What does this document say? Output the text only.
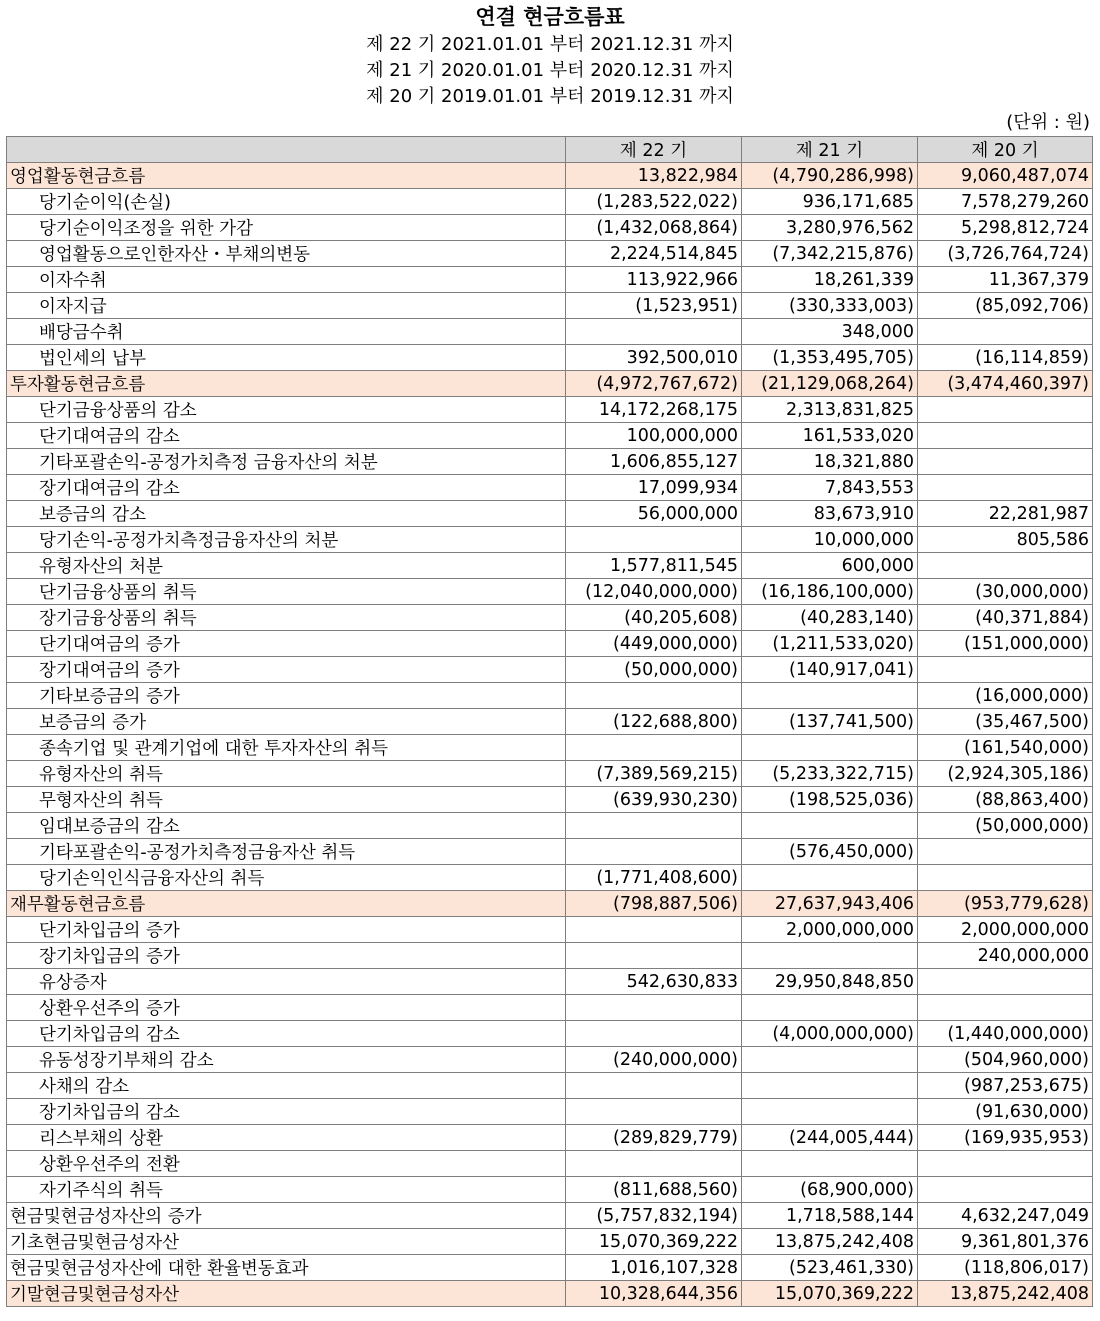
연결 현금흐름표
제 22 기 2021.01.01 부터 2021.12.31 까지
제 21 기 2020.01.01 부터 2020.12.31 까지
제 20 기 2019.01.01 부터 2019.12.31 까지
(단위 : 원)
	제 22 기	제 21 기	제 20 기
영업활동현금흐름	13,822,984	(4,790,286,998)	9,060,487,074
당기순이익(손실)	(1,283,522,022)	936,171,685	7,578,279,260
당기순이익조정을 위한 가감	(1,432,068,864)	3,280,976,562	5,298,812,724
영업활동으로인한자산・부채의변동	2,224,514,845	(7,342,215,876)	(3,726,764,724)
이자수취	113,922,966	18,261,339	11,367,379
이자지급	(1,523,951)	(330,333,003)	(85,092,706)
배당금수취		348,000	
법인세의 납부	392,500,010	(1,353,495,705)	(16,114,859)
투자활동현금흐름	(4,972,767,672)	(21,129,068,264)	(3,474,460,397)
단기금융상품의 감소	14,172,268,175	2,313,831,825	
단기대여금의 감소	100,000,000	161,533,020	
기타포괄손익-공정가치측정 금융자산의 처분	1,606,855,127	18,321,880	
장기대여금의 감소	17,099,934	7,843,553	
보증금의 감소	56,000,000	83,673,910	22,281,987
당기손익-공정가치측정금융자산의 처분		10,000,000	805,586
유형자산의 처분	1,577,811,545	600,000	
단기금융상품의 취득	(12,040,000,000)	(16,186,100,000)	(30,000,000)
장기금융상품의 취득	(40,205,608)	(40,283,140)	(40,371,884)
단기대여금의 증가	(449,000,000)	(1,211,533,020)	(151,000,000)
장기대여금의 증가	(50,000,000)	(140,917,041)	
기타보증금의 증가			(16,000,000)
보증금의 증가	(122,688,800)	(137,741,500)	(35,467,500)
종속기업 및 관계기업에 대한 투자자산의 취득			(161,540,000)
유형자산의 취득	(7,389,569,215)	(5,233,322,715)	(2,924,305,186)
무형자산의 취득	(639,930,230)	(198,525,036)	(88,863,400)
임대보증금의 감소			(50,000,000)
기타포괄손익-공정가치측정금융자산 취득		(576,450,000)	
당기손익인식금융자산의 취득	(1,771,408,600)		
재무활동현금흐름	(798,887,506)	27,637,943,406	(953,779,628)
단기차입금의 증가		2,000,000,000	2,000,000,000
장기차입금의 증가			240,000,000
유상증자	542,630,833	29,950,848,850	
상환우선주의 증가			
단기차입금의 감소		(4,000,000,000)	(1,440,000,000)
유동성장기부채의 감소	(240,000,000)		(504,960,000)
사채의 감소			(987,253,675)
장기차입금의 감소			(91,630,000)
리스부채의 상환	(289,829,779)	(244,005,444)	(169,935,953)
상환우선주의 전환			
자기주식의 취득	(811,688,560)	(68,900,000)	
현금및현금성자산의 증가	(5,757,832,194)	1,718,588,144	4,632,247,049
기초현금및현금성자산	15,070,369,222	13,875,242,408	9,361,801,376
현금및현금성자산에 대한 환율변동효과	1,016,107,328	(523,461,330)	(118,806,017)
기말현금및현금성자산	10,328,644,356	15,070,369,222	13,875,242,408
